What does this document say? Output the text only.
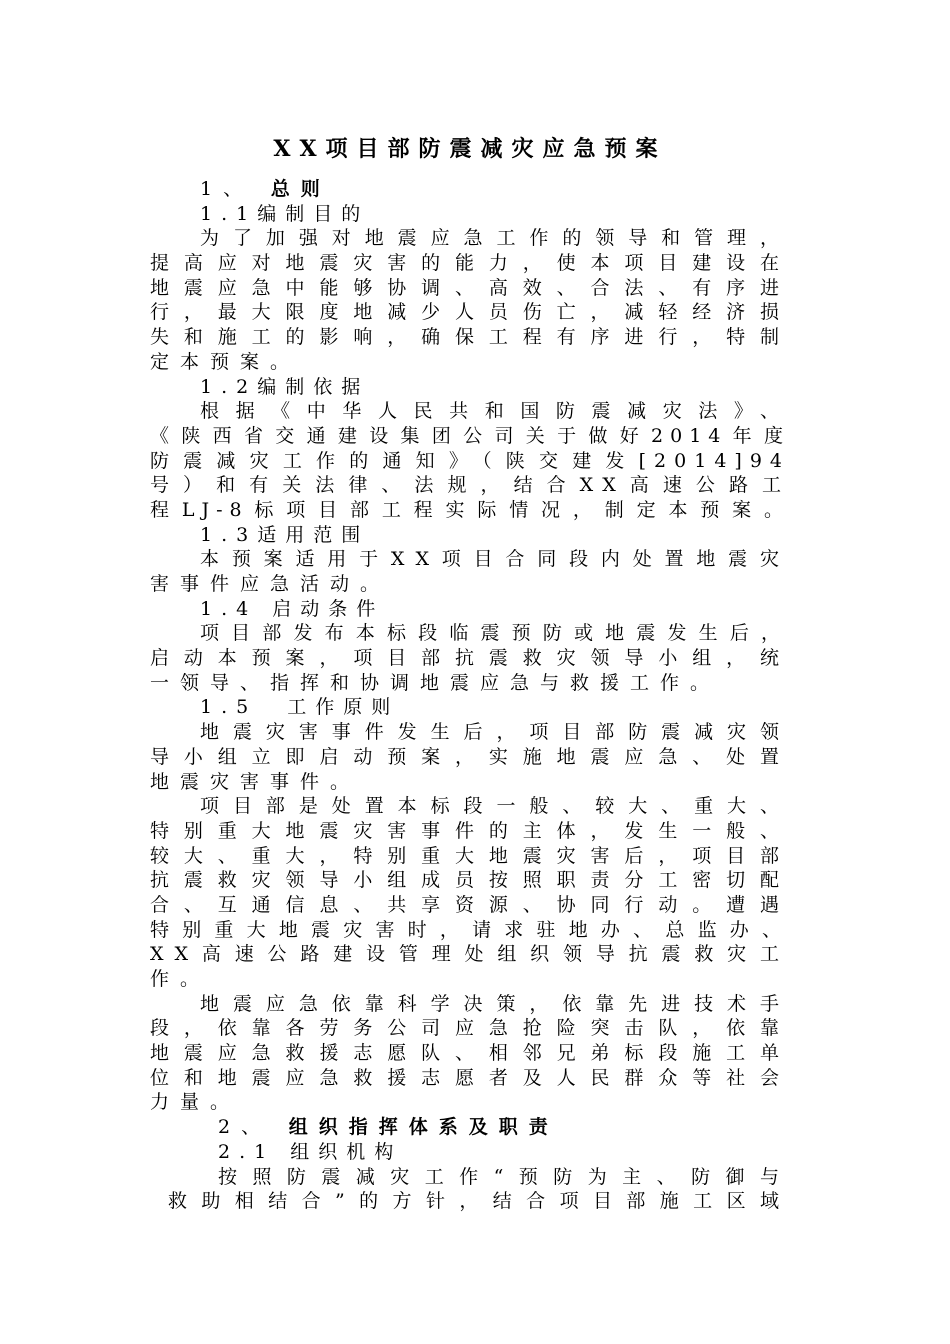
XX项目部防震减灾应急预案
1、 总则
1.1编制目的
为了加强对地震应急工作的领导和管理，
提高应对地震灾害的能力，使本项目建设在
地震应急中能够协调、高效、合法、有序进
行，最大限度地减少人员伤亡，减轻经济损
失和施工的影响，确保工程有序进行，特制
定本预案。
1.2编制依据
根据《中华人民共和国防震减灾法》、
《陕西省交通建设集团公司关于做好2014年度
防震减灾工作的通知》（陕交建发[2014]94
号）和有关法律、法规，结合XX高速公路工
程LJ-8标项目部工程实际情况，制定本预案。
1.3适用范围
本预案适用于XX项目合同段内处置地震灾
害事件应急活动。
1.4 启动条件
项目部发布本标段临震预防或地震发生后，
启动本预案，项目部抗震救灾领导小组，统
一领导、指挥和协调地震应急与救援工作。
1.5  工作原则
地震灾害事件发生后，项目部防震减灾领
导小组立即启动预案，实施地震应急、处置
地震灾害事件。
项目部是处置本标段一般、较大、重大、
特别重大地震灾害事件的主体，发生一般、
较大、重大，特别重大地震灾害后，项目部
抗震救灾领导小组成员按照职责分工密切配
合、互通信息、共享资源、协同行动。遭遇
特别重大地震灾害时，请求驻地办、总监办、
XX高速公路建设管理处组织领导抗震救灾工
作。
地震应急依靠科学决策，依靠先进技术手
段，依靠各劳务公司应急抢险突击队，依靠
地震应急救援志愿队、相邻兄弟标段施工单
位和地震应急救援志愿者及人民群众等社会
力量。
2、 组织指挥体系及职责
2.1 组织机构
按照防震减灾工作“预防为主、防御与
救助相结合”的方针，结合项目部施工区域
